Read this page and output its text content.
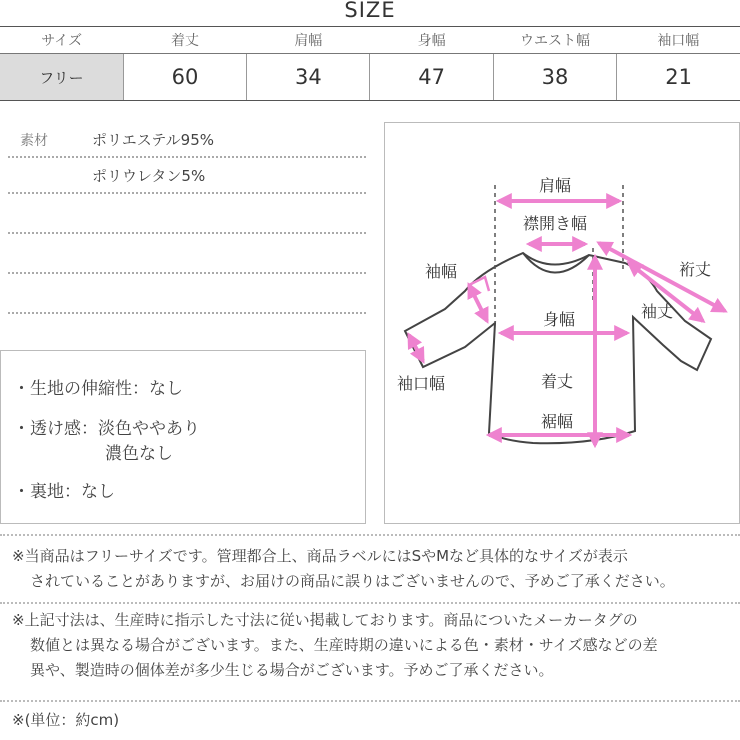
SIZE
サイズ	着丈	肩幅	身幅	ウエスト幅	袖口幅
フリー	60	34	47	38	21
素材	ポリエステル95%
ポリウレタン5%
・生地の伸縮性：なし
・透け感：淡色ややあり
濃色なし
・裏地：なし
肩幅
襟開き幅
袖幅	裄丈
袖丈
身幅
袖口幅	着丈
裾幅
※当商品はフリーサイズです。管理都合上、商品ラベルにはSやMなど具体的なサイズが表示
されていることがありますが、お届けの商品に誤りはございませんので、予めご了承ください。
※上記寸法は、生産時に指示した寸法に従い掲載しております。商品についたメーカータグの
数値とは異なる場合がございます。また、生産時期の違いによる色・素材・サイズ感などの差
異や、製造時の個体差が多少生じる場合がございます。予めご了承ください。
※(単位：約cm)
